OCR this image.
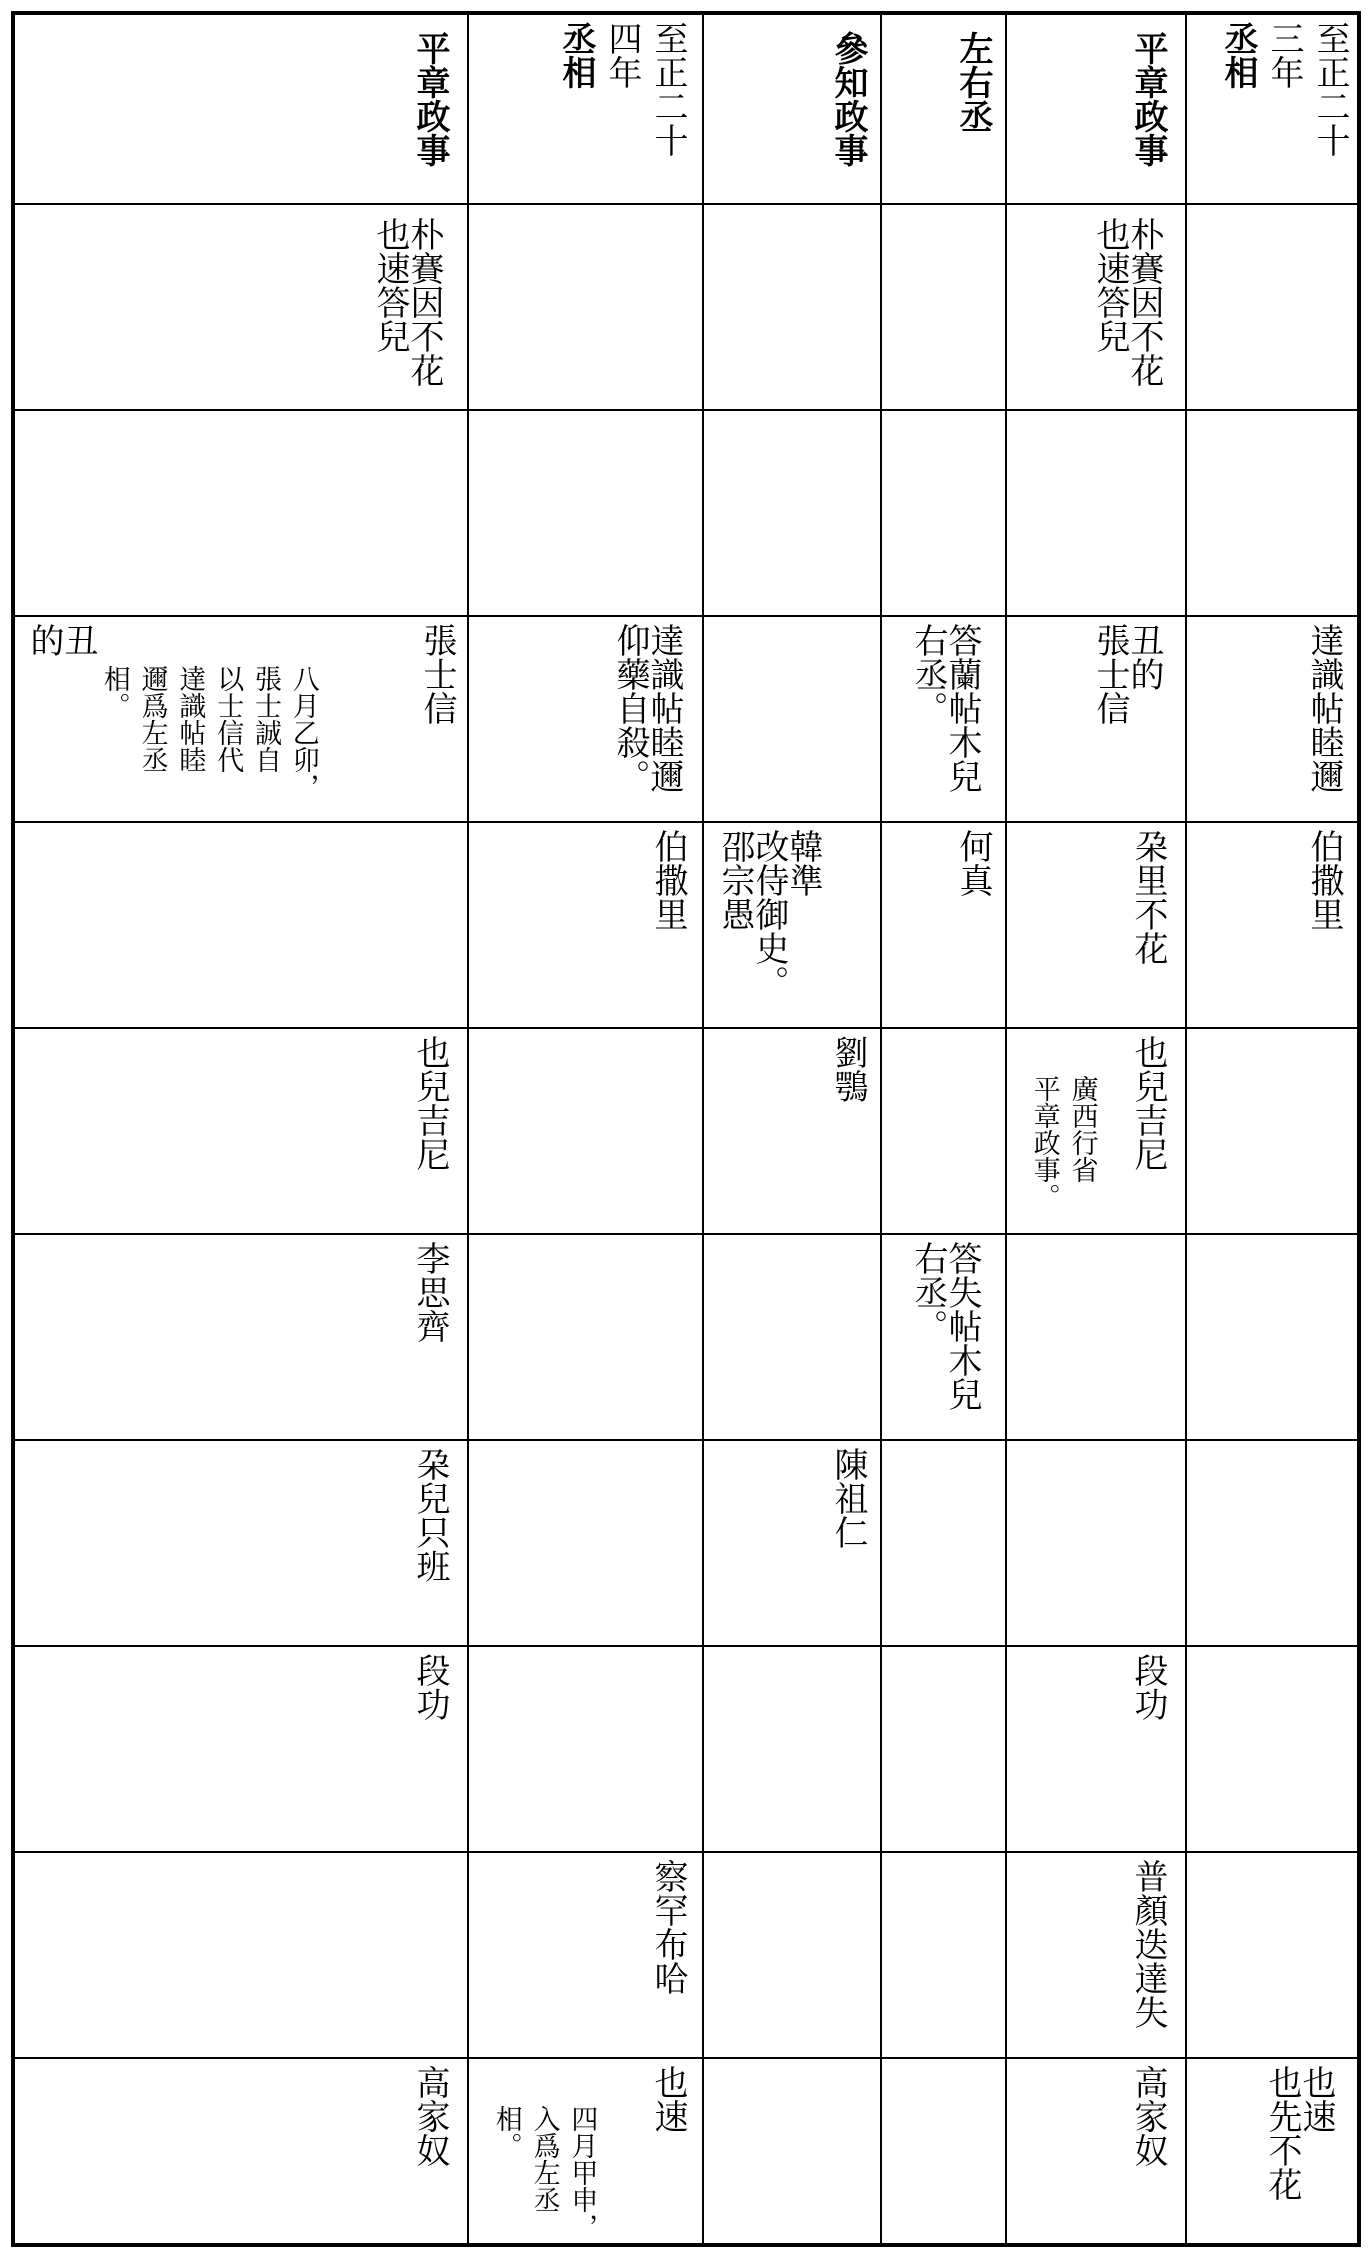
至正二十
三年
丞相
平章政事
左右丞
參知政事
至正二十
四年
丞相
平章政事
朴賽因不花
也速答兒
朴賽因不花
也速答兒
達識帖睦邇
丑的
張士信
答蘭帖木兒
右丞。
達識帖睦邇
仰藥自殺。
張士信
八月乙卯，
張士誠自
以士信代
達識帖睦
邇爲左丞
相。
丑
的
伯撒里
朶里不花
何真
韓準
改侍御史。
邵宗愚
伯撒里
也兒吉尼
廣西行省
平章政事。
劉鶚
也兒吉尼
答失帖木兒
右丞。
李思齊
陳祖仁
朶兒只班
段功
段功
普顏迭達失
察罕布哈
也速
也先不花
高家奴
也速
四月甲申，
入爲左丞
相。
高家奴
